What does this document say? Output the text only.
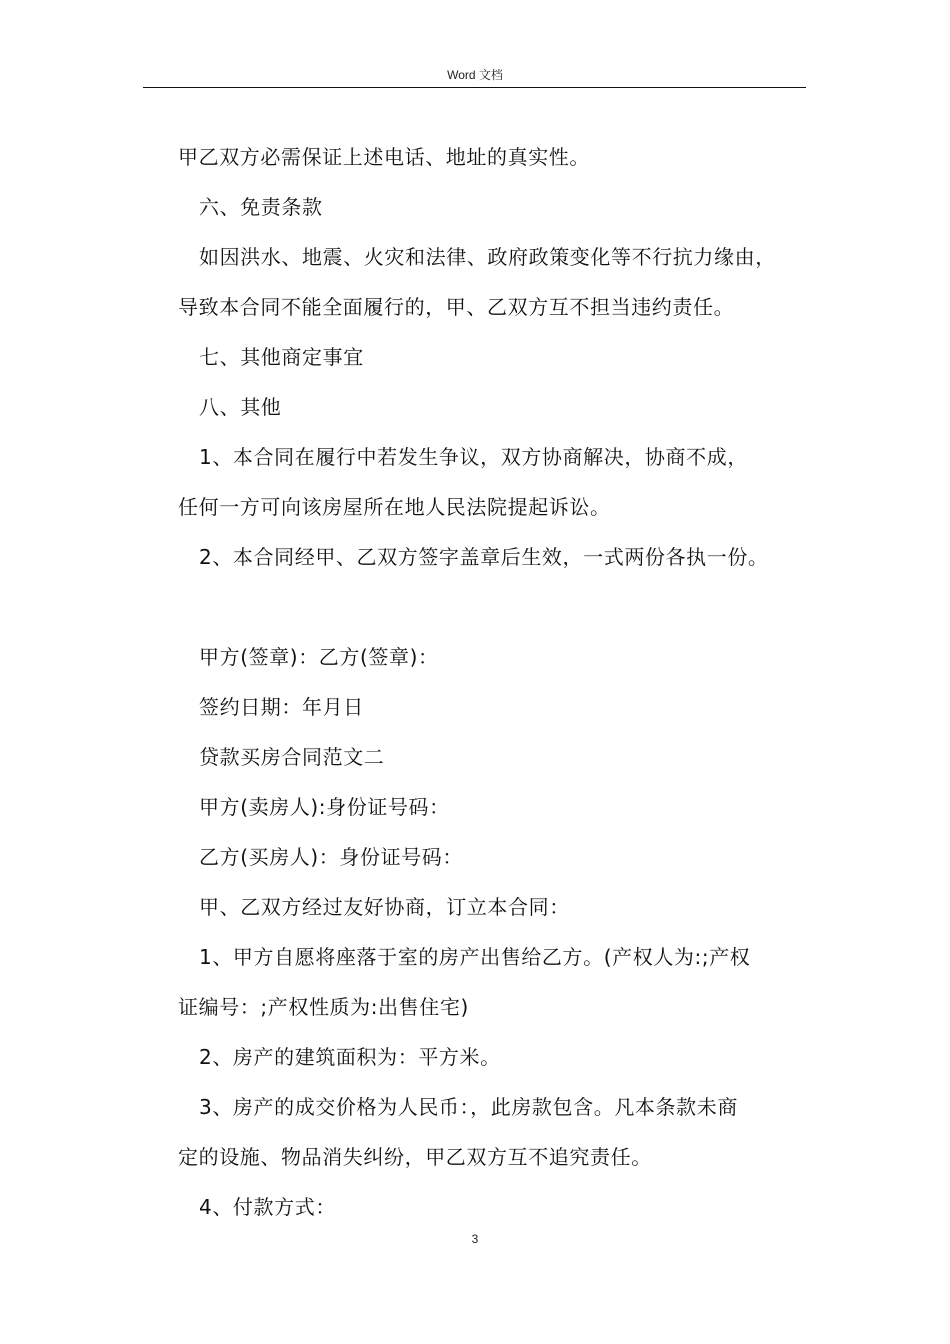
Word 文档

甲乙双方必需保证上述电话、地址的真实性。

六、免责条款

如因洪水、地震、火灾和法律、政府政策变化等不行抗力缘由，

导致本合同不能全面履行的，甲、乙双方互不担当违约责任。

七、其他商定事宜

八、其他

1、本合同在履行中若发生争议，双方协商解决，协商不成，

任何一方可向该房屋所在地人民法院提起诉讼。

2、本合同经甲、乙双方签字盖章后生效，一式两份各执一份。

甲方(签章)：乙方(签章)：

签约日期：年月日

贷款买房合同范文二

甲方(卖房人):身份证号码：

乙方(买房人)：身份证号码：

甲、乙双方经过友好协商，订立本合同：

1、甲方自愿将座落于室的房产出售给乙方。(产权人为:;产权

证编号：;产权性质为:出售住宅)

2、房产的建筑面积为：平方米。

3、房产的成交价格为人民币：，此房款包含。凡本条款未商

定的设施、物品消失纠纷，甲乙双方互不追究责任。

4、付款方式：

3
